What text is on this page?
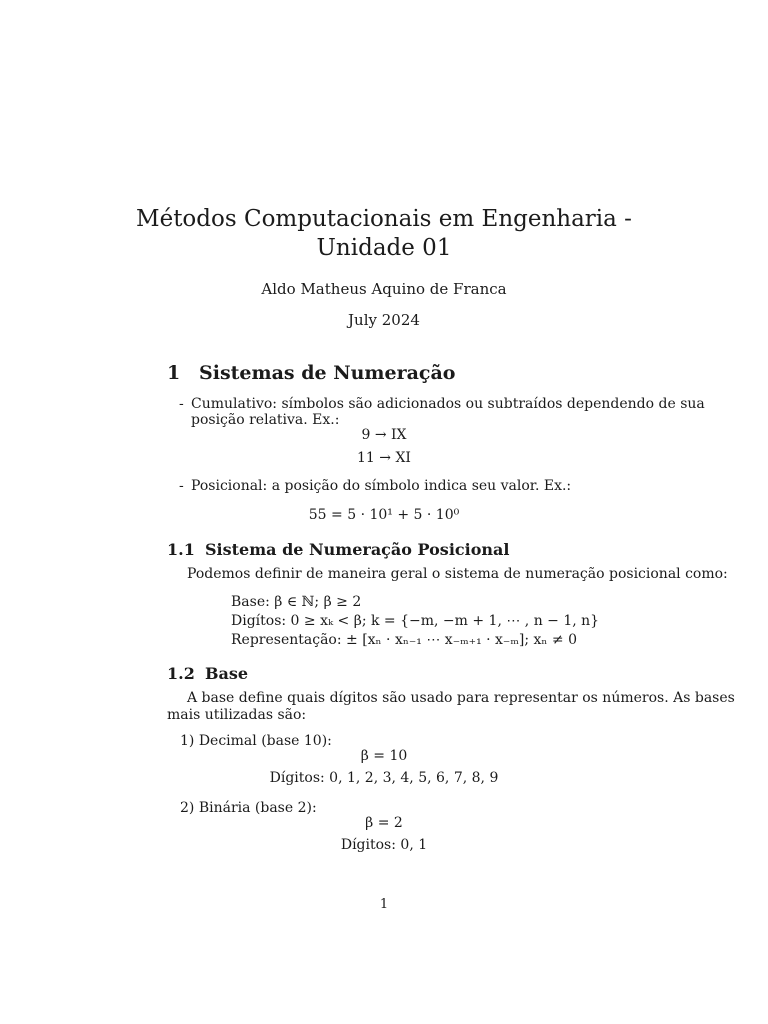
Métodos Computacionais em Engenharia -
Unidade 01
Aldo Matheus Aquino de Franca
July 2024
1 Sistemas de Numeração
- Cumulativo: símbolos são adicionados ou subtraídos dependendo de sua
posição relativa. Ex.:
9 → IX
11 → XI
- Posicional: a posição do símbolo indica seu valor. Ex.:
55 = 5 · 10¹ + 5 · 10⁰
1.1 Sistema de Numeração Posicional
Podemos definir de maneira geral o sistema de numeração posicional como:
Base: β ∈ ℕ; β ≥ 2
Digítos: 0 ≥ xₖ < β; k = {−m, −m + 1, ⋯ , n − 1, n}
Representação: ± [xₙ · xₙ₋₁ ⋯ x₋ₘ₊₁ · x₋ₘ]; xₙ ≠ 0
1.2 Base
A base define quais dígitos são usado para representar os números. As bases
mais utilizadas são:
1) Decimal (base 10):
β = 10
Dígitos: 0, 1, 2, 3, 4, 5, 6, 7, 8, 9
2) Binária (base 2):
β = 2
Dígitos: 0, 1
1
